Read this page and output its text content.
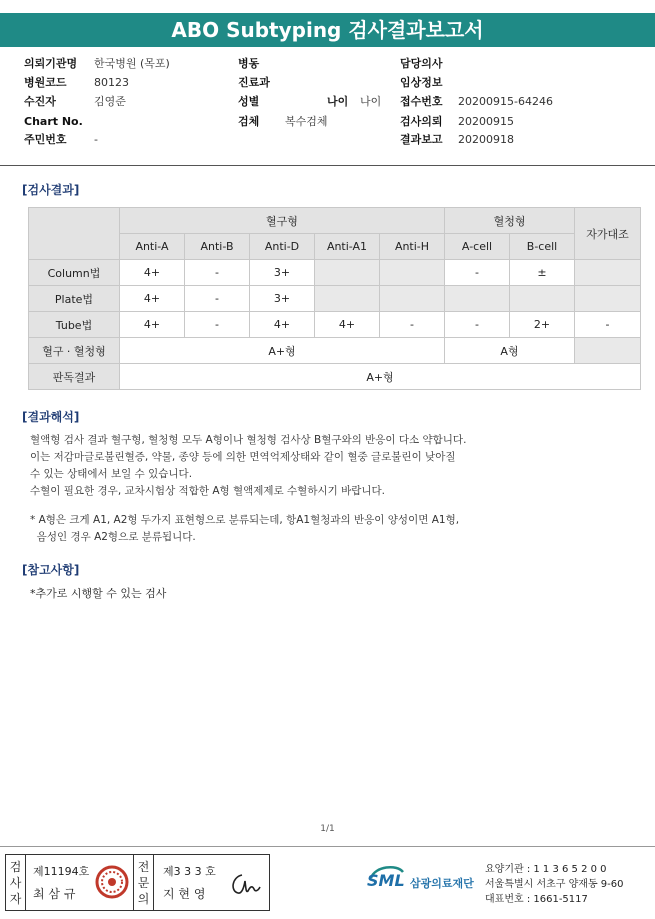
ABO Subtyping 검사결과보고서
의뢰기관명 한국병원 (목포)	병동	담당의사
병원코드 80123	진료과	임상정보
수진자	김영준	성별	나이 나이 접수번호 20200915-64246
Chart No.	검체 복수검체	검사의뢰 20200915
주민번호 -	결과보고 20200918
[검사결과]
	혈구형					혈청형		자가대조
	Anti-A	Anti-B	Anti-D	Anti-A1	Anti-H	A-cell	B-cell	
Column법	4+	-	3+			-	±	
Plate법	4+	-	3+					
Tube법	4+	-	4+	4+	-	-	2+	-
혈구 · 혈청형	A+형					A형		
판독결과	A+형							
[결과해석]

혈액형 검사 결과 혈구형, 혈청형 모두 A형이나 혈청형 검사상 B혈구와의 반응이 다소 약합니다.

이는 저감마글로불린혈증, 약물, 종양 등에 의한 면역억제상태와 같이 혈중 글로불린이 낮아질

수 있는 상태에서 보일 수 있습니다.

수혈이 필요한 경우, 교차시험상 적합한 A형 혈액제제로 수혈하시기 바랍니다.

* A형은 크게 A1, A2형 두가지 표현형으로 분류되는데, 항A1혈청과의 반응이 양성이면 A1형,

음성인 경우 A2형으로 분류됩니다.

[참고사항]
*추가로 시행할 수 있는 검사
1/1
검사자
제11194호
최 삼 규
전문의
제3 3 3 호
지 현 영
SML 삼광의료재단
요양기관 : 1 1 3 6 5 2 0 0
서울특별시 서초구 양재동 9-60
대표번호 : 1661-5117
